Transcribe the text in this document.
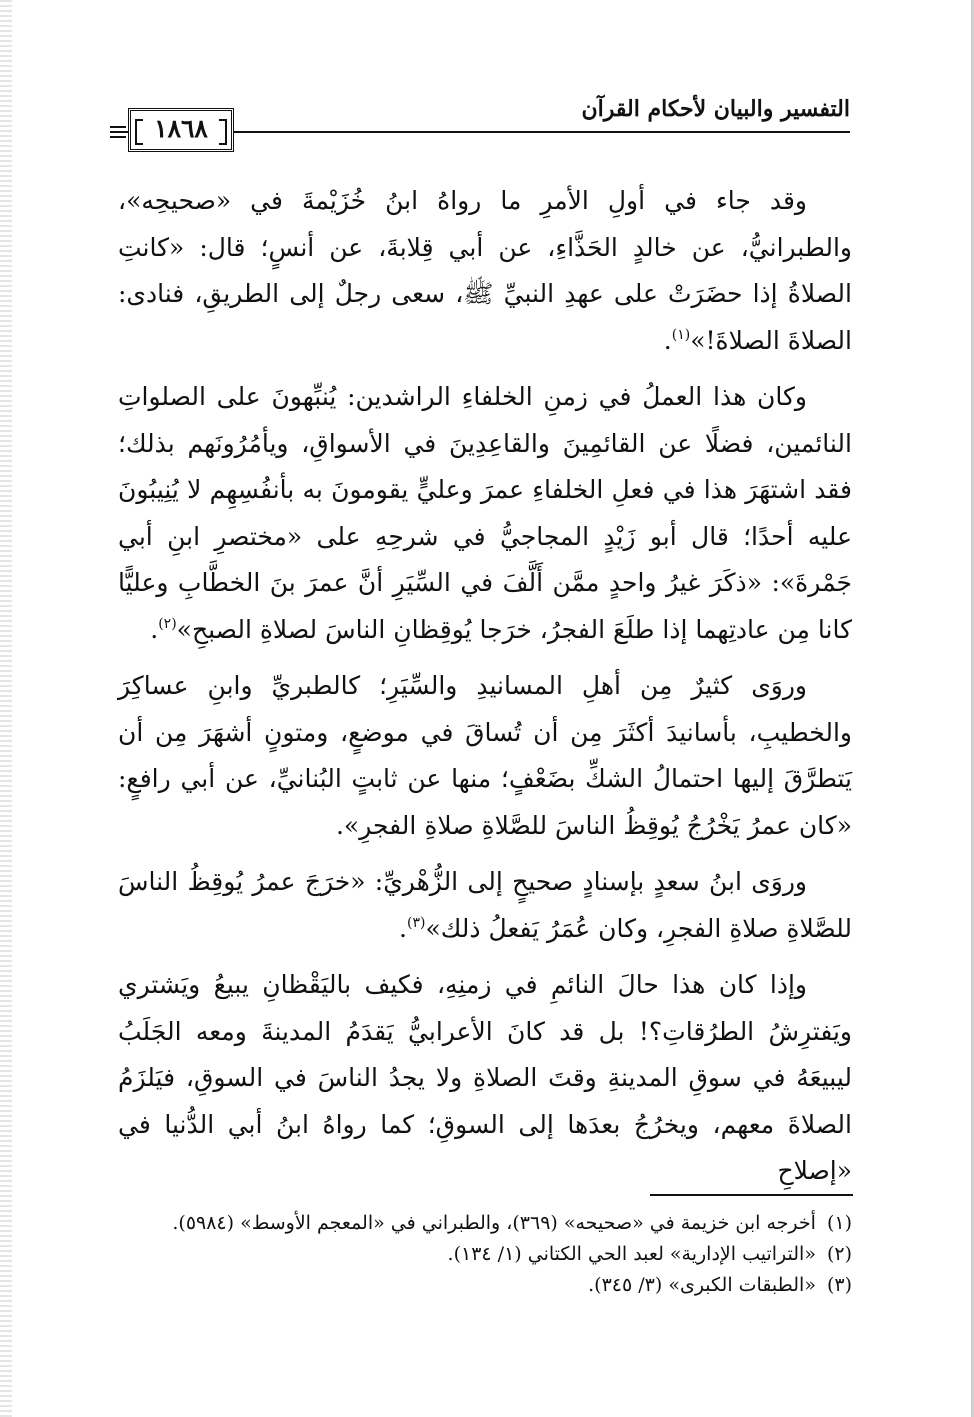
التفسير والبيان لأحكام القرآن
١٨٦٨

وقد جاء في أولِ الأمرِ ما رواهُ ابنُ خُزَيْمةَ في «صحيحِه»، والطبرانيُّ، عن خالدٍ الحَذَّاءِ، عن أبي قِلابةَ، عن أنسٍ؛ قال: «كانتِ الصلاةُ إذا حضَرَتْ على عهدِ النبيِّ ﷺ، سعى رجلٌ إلى الطريقِ، فنادى: الصلاةَ الصلاةَ!»$^{(١)}$.

وكان هذا العملُ في زمنِ الخلفاءِ الراشدين: يُنبِّهونَ على الصلواتِ النائمين، فضلًا عن القائمِينَ والقاعِدِينَ في الأسواقِ، ويأمُرُونَهم بذلك؛ فقد اشتهَرَ هذا في فعلِ الخلفاءِ عمرَ وعليٍّ يقومونَ به بأنفُسِهِم لا يُنِيبُونَ عليه أحدًا؛ قال أبو زَيْدٍ المجاجيُّ في شرحِهِ على «مختصرِ ابنِ أبي جَمْرةَ»: «ذكَرَ غيرُ واحدٍ ممَّن أَلَّفَ في السِّيَرِ أنَّ عمرَ بنَ الخطَّابِ وعليًّا كانا مِن عادتِهما إذا طلَعَ الفجرُ، خرَجا يُوقِظانِ الناسَ لصلاةِ الصبحِ»$^{(٢)}$.

وروَى كثيرٌ مِن أهلِ المسانيدِ والسِّيَرِ؛ كالطبريِّ وابنِ عساكِرَ والخطيبِ، بأسانيدَ أكثَرَ مِن أن تُساقَ في موضعٍ، ومتونٍ أشهَرَ مِن أن يَتطرَّقَ إليها احتمالُ الشكِّ بضَعْفٍ؛ منها عن ثابتٍ البُنانيِّ، عن أبي رافعٍ: «كان عمرُ يَخْرُجُ يُوقِظُ الناسَ للصَّلاةِ صلاةِ الفجرِ».

وروَى ابنُ سعدٍ بإسنادٍ صحيحٍ إلى الزُّهْريِّ: «خرَجَ عمرُ يُوقِظُ الناسَ للصَّلاةِ صلاةِ الفجرِ، وكان عُمَرُ يَفعلُ ذلك»$^{(٣)}$.

وإذا كان هذا حالَ النائمِ في زمنِهِ، فكيف باليَقْظانِ يبيعُ ويَشتري ويَفترِشُ الطرُقاتِ؟! بل قد كانَ الأعرابيُّ يَقدَمُ المدينةَ ومعه الجَلَبُ ليبيعَهُ في سوقِ المدينةِ وقتَ الصلاةِ ولا يجدُ الناسَ في السوقِ، فيَلزَمُ الصلاةَ معهم، ويخرُجُ بعدَها إلى السوقِ؛ كما رواهُ ابنُ أبي الدُّنيا في «إصلاحِ

(١) أخرجه ابن خزيمة في «صحيحه» (٣٦٩)، والطبراني في «المعجم الأوسط» (٥٩٨٤).

(٢) «التراتيب الإدارية» لعبد الحي الكتاني (١/ ١٣٤).

(٣) «الطبقات الكبرى» (٣/ ٣٤٥).
